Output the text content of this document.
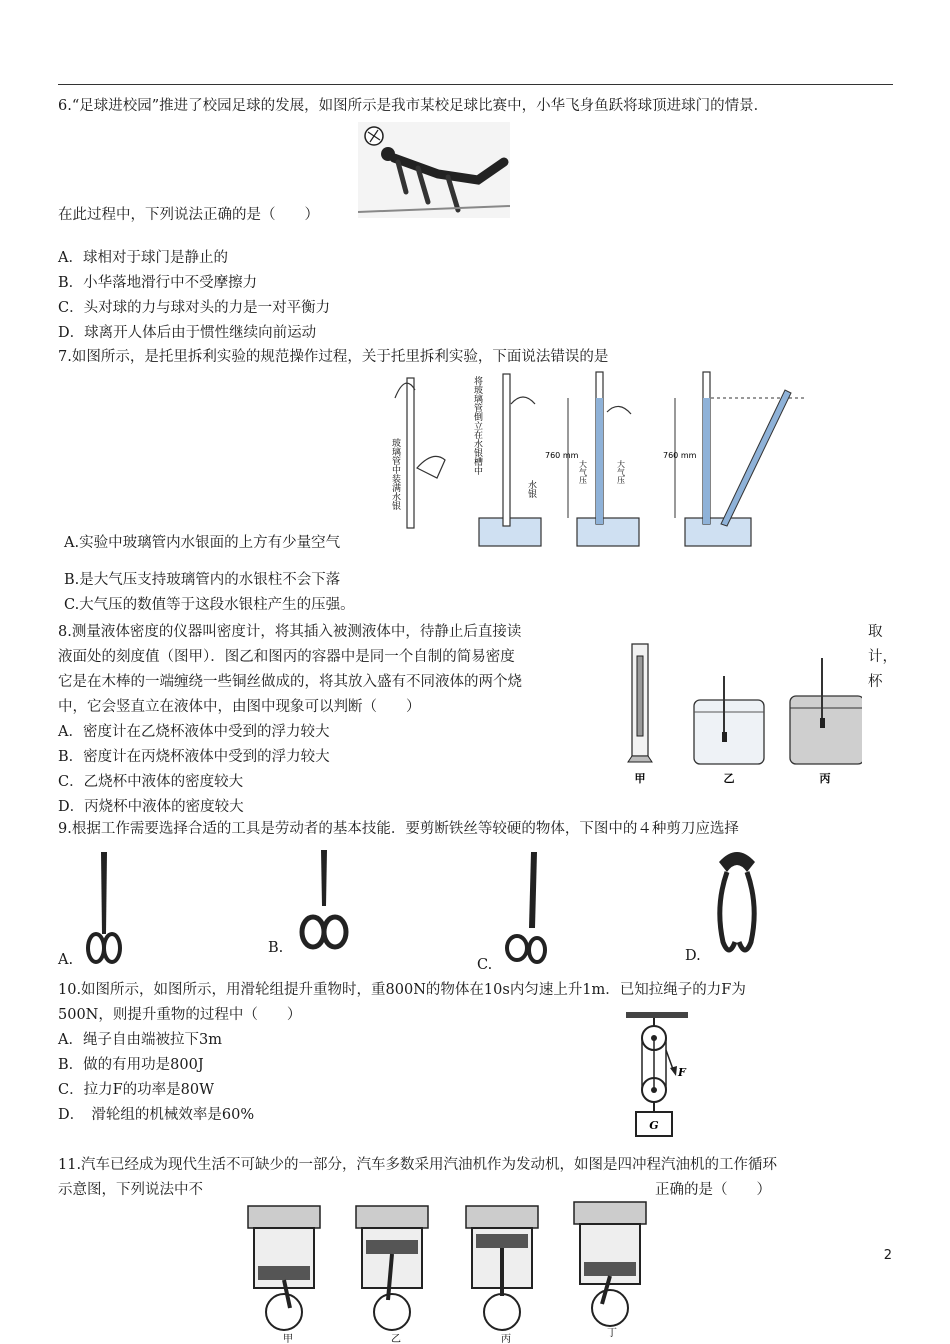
6.“足球进校园”推进了校园足球的发展，如图所示是我市某校足球比赛中，小华飞身鱼跃将球顶进球门的情景．
在此过程中，下列说法正确的是（　　）
A．球相对于球门是静止的
B．小华落地滑行中不受摩擦力
C．头对球的力与球对头的力是一对平衡力
D．球离开人体后由于惯性继续向前运动
7.如图所示，是托里拆利实验的规范操作过程，关于托里拆利实验，下面说法错误的是
玻璃管中装满水银	将玻璃管倒立在水银槽中
水银
760 mm
大气压	大气压
760 mm
A.实验中玻璃管内水银面的上方有少量空气
B.是大气压支持玻璃管内的水银柱不会下落
C.大气压的数值等于这段水银柱产生的压强。
8.测量液体密度的仪器叫密度计，将其插入被测液体中，待静止后直接读	取
液面处的刻度值（图甲）．图乙和图丙的容器中是同一个自制的简易密度	计，
它是在木棒的一端缠绕一些铜丝做成的，将其放入盛有不同液体的两个烧	杯
中，它会竖直立在液体中，由图中现象可以判断（　　）
A．密度计在乙烧杯液体中受到的浮力较大
B．密度计在丙烧杯液体中受到的浮力较大
C．乙烧杯中液体的密度较大
D．丙烧杯中液体的密度较大
甲	乙	丙
9.根据工作需要选择合适的工具是劳动者的基本技能．要剪断铁丝等较硬的物体，下图中的４种剪刀应选择
A.
B.
C.
D.
10.如图所示，如图所示，用滑轮组提升重物时，重800N的物体在10s内匀速上升1m．已知拉绳子的力F为
500N，则提升重物的过程中（　　）
A．绳子自由端被拉下3m
B．做的有用功是800J
C．拉力F的功率是80W
D．　滑轮组的机械效率是60%
F
G
11.汽车已经成为现代生活不可缺少的一部分，汽车多数采用汽油机作为发动机，如图是四冲程汽油机的工作循环
示意图，下列说法中不	正确的是（　　）
甲	乙	丙
丁
2
